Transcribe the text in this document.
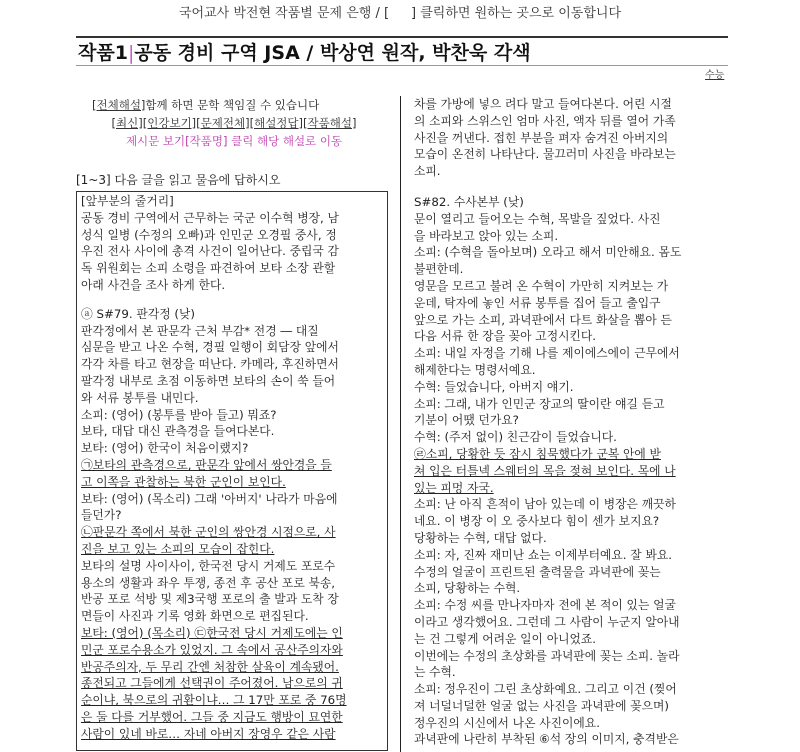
국어교사 박전현 작품별 문제 은행 / [ ] 클릭하면 원하는 곳으로 이동합니다
작품1|공동 경비 구역 JSA / 박상연 원작, 박찬욱 각색
수능
[전체해설]함께 하면 문학 책임질 수 있습니다
[최신][인강보기][문제전체][해설정답][작품해설]
제시문 보기[작품명] 클릭 해당 해설로 이동
[1~3] 다음 글을 읽고 물음에 답하시오

[앞부분의 줄거리]

공동 경비 구역에서 근무하는 국군 이수혁 병장, 남

성식 일병 (수정의 오빠)과 인민군 오경필 중사, 정

우진 전사 사이에 총격 사건이 일어난다. 중립국 감

독 위원회는 소피 소령을 파견하여 보타 소장 관할

아래 사건을 조사 하게 한다.

ⓐ S#79. 판각정 (낮)

판각정에서 본 판문각 근처 부감* 전경 ― 대질

심문을 받고 나온 수혁, 경필 일행이 회담장 앞에서

각각 차를 타고 현장을 떠난다. 카메라, 후진하면서

팔각정 내부로 초점 이동하면 보타의 손이 쑥 들어

와 서류 봉투를 내민다.

소피: (영어) (봉투를 받아 들고) 뭐죠?

보타, 대답 대신 관측경을 들여다본다.

보타: (영어) 한국이 처음이랬지?

㉠보타의 관측경으로, 판문각 앞에서 쌍안경을 들

고 이쪽을 관찰하는 북한 군인이 보인다.

보타: (영어) (목소리) 그래 '아버지' 나라가 마음에

들던가?

㉡판문각 쪽에서 북한 군인의 쌍안경 시점으로, 사

진을 보고 있는 소피의 모습이 잡힌다.

보타의 설명 사이사이, 한국전 당시 거제도 포로수

용소의 생활과 좌우 투쟁, 종전 후 공산 포로 북송,

반공 포로 석방 및 제3국행 포로의 출 발과 도착 장

면들이 사진과 기록 영화 화면으로 편집된다.

보타: (영어) (목소리) ㉢한국전 당시 거제도에는 인

민군 포로수용소가 있었지. 그 속에서 공산주의자와

반공주의자, 두 무리 간엔 처참한 살육이 계속됐어.

종전되고 그들에게 선택권이 주어졌어. 남으로의 귀

순이냐, 북으로의 귀환이냐… 그 17만 포로 중 76명

은 둘 다를 거부했어. 그들 중 지금도 행방이 묘연한

사람이 있네 바로… 자네 아버지 장영우 같은 사람

차를 가방에 넣으 려다 말고 들여다본다. 어린 시절

의 소피와 스위스인 엄마 사진, 액자 뒤를 열어 가족

사진을 꺼낸다. 접힌 부분을 펴자 숨겨진 아버지의

모습이 온전히 나타난다. 물끄러미 사진을 바라보는

소피.

S#82. 수사본부 (낮)

문이 열리고 들어오는 수혁, 목발을 짚었다. 사진

을 바라보고 앉아 있는 소피.

소피: (수혁을 돌아보며) 오라고 해서 미안해요. 몸도

불편한데.

영문을 모르고 불려 온 수혁이 가만히 지켜보는 가

운데, 탁자에 놓인 서류 봉투를 집어 들고 출입구

앞으로 가는 소피, 과녁판에서 다트 화살을 뽑아 든

다음 서류 한 장을 꽂아 고정시킨다.

소피: 내일 자정을 기해 나를 제이에스에이 근무에서

해제한다는 명령서예요.

수혁: 들었습니다, 아버지 얘기.

소피: 그래, 내가 인민군 장교의 딸이란 얘길 듣고

기분이 어땠 던가요?

수혁: (주저 없이) 친근감이 들었습니다.

㉣소피, 당황한 듯 잠시 침묵했다가 군복 안에 받

쳐 입은 터틀넥 스웨터의 목을 젖혀 보인다. 목에 나

있는 피멍 자국.

소피: 난 아직 흔적이 남아 있는데 이 병장은 깨끗하

네요. 이 병장 이 오 중사보다 힘이 센가 보지요?

당황하는 수혁, 대답 없다.

소피: 자, 진짜 재미난 쇼는 이제부터예요. 잘 봐요.

수정의 얼굴이 프린트된 출력물을 과녁판에 꽂는

소피, 당황하는 수혁.

소피: 수정 씨를 만나자마자 전에 본 적이 있는 얼굴

이라고 생각했어요. 그런데 그 사람이 누군지 알아내

는 건 그렇게 어려운 일이 아니었죠.

이번에는 수정의 초상화를 과녁판에 꽂는 소피. 놀라

는 수혁.

소피: 정우진이 그린 초상화예요. 그리고 이건 (찢어

져 너덜너덜한 얼굴 없는 사진을 과녁판에 꽂으며)

정우진의 시신에서 나온 사진이에요.

과녁판에 나란히 부착된 ⑥석 장의 이미지, 충격받은
